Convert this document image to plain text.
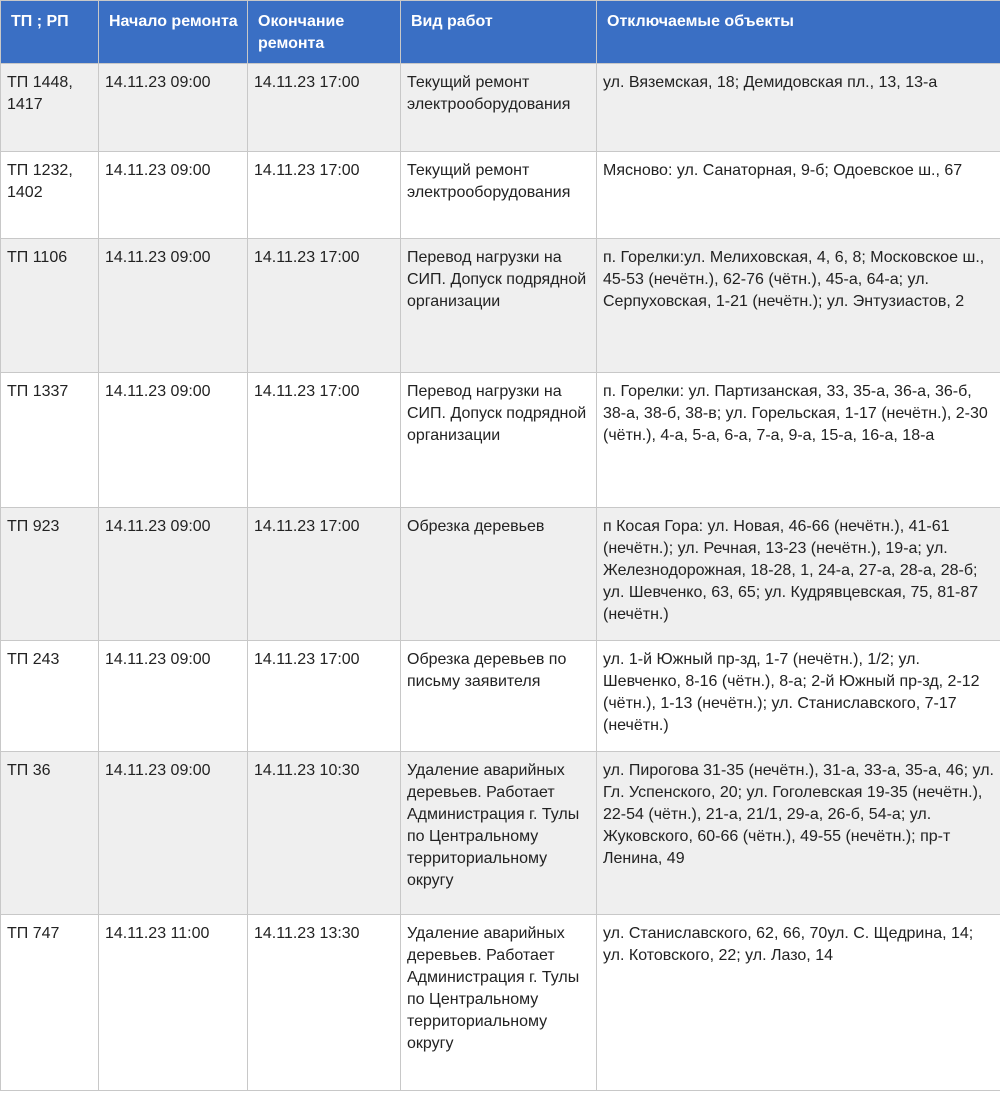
ТП ; РП	Начало ремонта	Окончание ремонта	Вид работ	Отключаемые объекты
ТП 1448, 1417	14.11.23 09:00	14.11.23 17:00	Текущий ремонт электрооборудования	ул. Вяземская, 18; Демидовская пл., 13, 13-а
ТП 1232, 1402	14.11.23 09:00	14.11.23 17:00	Текущий ремонт электрооборудования	Мясново: ул. Санаторная, 9-б; Одоевское ш., 67
ТП 1106	14.11.23 09:00	14.11.23 17:00	Перевод нагрузки на СИП. Допуск подрядной организации	п. Горелки:ул. Мелиховская, 4, 6, 8; Московское ш., 45-53 (нечётн.), 62-76 (чётн.), 45-а, 64-а; ул. Серпуховская, 1-21 (нечётн.); ул. Энтузиастов, 2
ТП 1337	14.11.23 09:00	14.11.23 17:00	Перевод нагрузки на СИП. Допуск подрядной организации	п. Горелки: ул. Партизанская, 33, 35-а, 36-а, 36-б, 38-а, 38-б, 38-в; ул. Горельская, 1-17 (нечётн.), 2-30 (чётн.), 4-а, 5-а, 6-а, 7-а, 9-а, 15-а, 16-а, 18-а
ТП 923	14.11.23 09:00	14.11.23 17:00	Обрезка деревьев	п Косая Гора: ул. Новая, 46-66 (нечётн.), 41-61 (нечётн.); ул. Речная, 13-23 (нечётн.), 19-а; ул. Железнодорожная, 18-28, 1, 24-а, 27-а, 28-а, 28-б; ул. Шевченко, 63, 65; ул. Кудрявцевская, 75, 81-87 (нечётн.)
ТП 243	14.11.23 09:00	14.11.23 17:00	Обрезка деревьев по письму заявителя	ул. 1-й Южный пр-зд, 1-7 (нечётн.), 1/2; ул. Шевченко, 8-16 (чётн.), 8-а; 2-й Южный пр-зд, 2-12 (чётн.), 1-13 (нечётн.); ул. Станиславского, 7-17 (нечётн.)
ТП 36	14.11.23 09:00	14.11.23 10:30	Удаление аварийных деревьев. Работает Администрация г. Тулы по Центральному территориальному округу	ул. Пирогова 31-35 (нечётн.), 31-а, 33-а, 35-а, 46; ул. Гл. Успенского, 20; ул. Гоголевская 19-35 (нечётн.), 22-54 (чётн.), 21-а, 21/1, 29-а, 26-б, 54-а; ул. Жуковского, 60-66 (чётн.), 49-55 (нечётн.); пр-т Ленина, 49
ТП 747	14.11.23 11:00	14.11.23 13:30	Удаление аварийных деревьев. Работает Администрация г. Тулы по Центральному территориальному округу	ул. Станиславского, 62, 66, 70ул. С. Щедрина, 14; ул. Котовского, 22; ул. Лазо, 14
